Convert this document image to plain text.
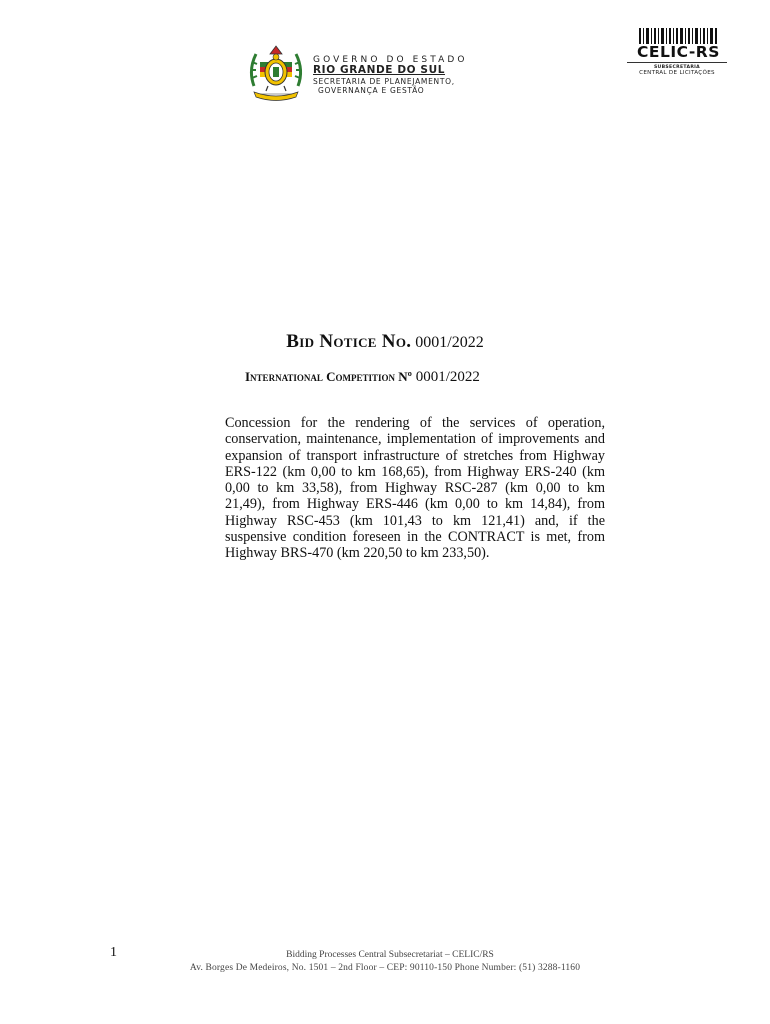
GOVERNO DO ESTADO
RIO GRANDE DO SUL
SECRETARIA DE PLANEJAMENTO,
GOVERNANÇA E GESTÃO
CELIC-RS
SUBSECRETARIA
CENTRAL DE LICITAÇÕES
Bid Notice No. 0001/2022
International Competition Nº 0001/2022
Concession for the rendering of the services of operation, conservation, maintenance, implementation of improvements and expansion of transport infrastructure of stretches from Highway ERS-122 (km 0,00 to km 168,65), from Highway ERS-240 (km 0,00 to km 33,58), from Highway RSC-287 (km 0,00 to km 21,49), from Highway ERS-446 (km 0,00 to km 14,84), from Highway RSC-453 (km 101,43 to km 121,41) and, if the suspensive condition foreseen in the CONTRACT is met, from Highway BRS-470 (km 220,50 to km 233,50).
1	Bidding Processes Central Subsecretariat – CELIC/RS
Av. Borges De Medeiros, No. 1501 – 2nd Floor – CEP: 90110-150 Phone Number: (51) 3288-1160
